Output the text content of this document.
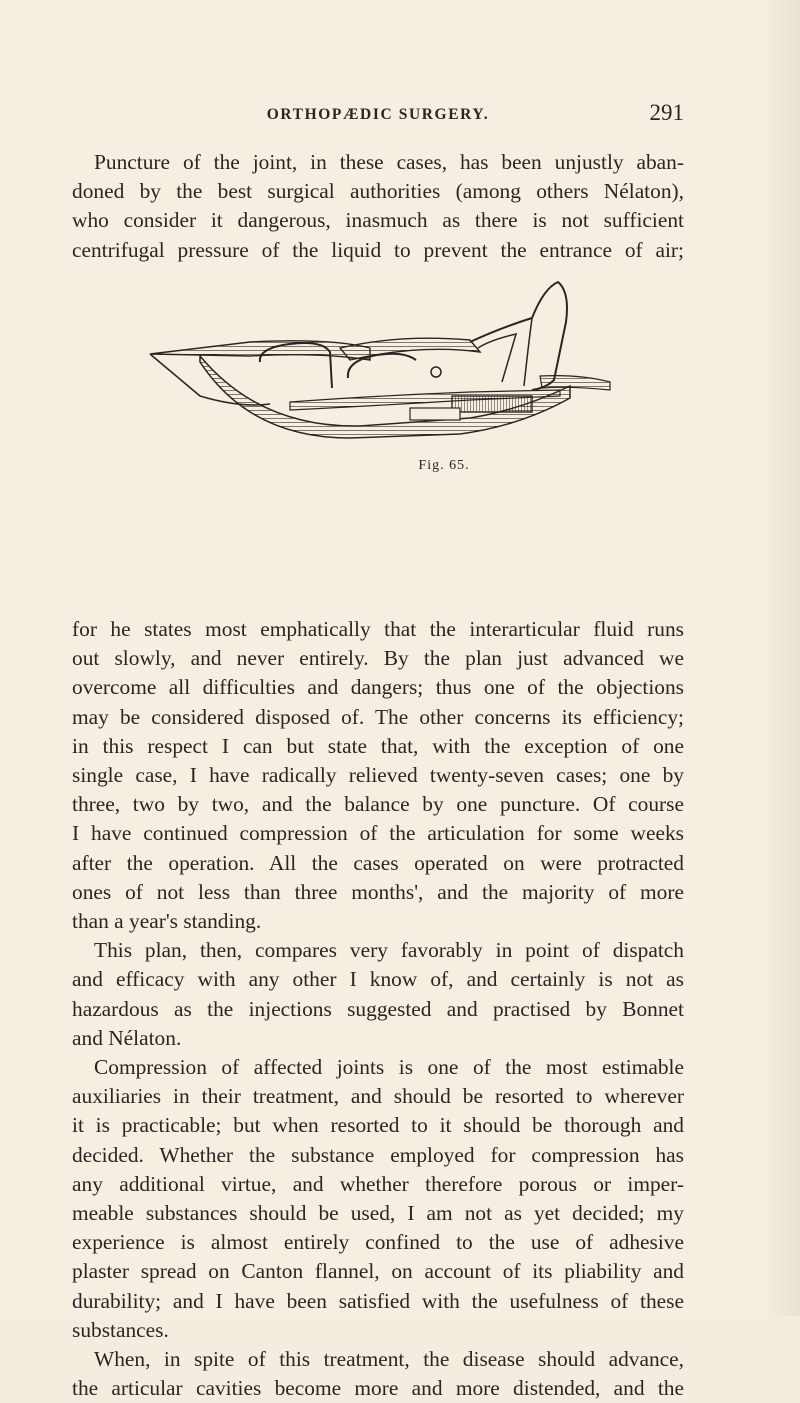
ORTHOPÆDIC SURGERY.	291

Puncture of the joint, in these cases, has been unjustly aban-
doned by the best surgical authorities (among others Nélaton),
who consider it dangerous, inasmuch as there is not sufficient
centrifugal pressure of the liquid to prevent the entrance of air;

Fig. 65.

for he states most emphatically that the interarticular fluid runs
out slowly, and never entirely. By the plan just advanced we
overcome all difficulties and dangers; thus one of the objections
may be considered disposed of. The other concerns its efficiency;
in this respect I can but state that, with the exception of one
single case, I have radically relieved twenty-seven cases; one by
three, two by two, and the balance by one puncture. Of course
I have continued compression of the articulation for some weeks
after the operation. All the cases operated on were protracted
ones of not less than three months', and the majority of more
than a year's standing.

This plan, then, compares very favorably in point of dispatch
and efficacy with any other I know of, and certainly is not as
hazardous as the injections suggested and practised by Bonnet
and Nélaton.

Compression of affected joints is one of the most estimable
auxiliaries in their treatment, and should be resorted to wherever
it is practicable; but when resorted to it should be thorough and
decided. Whether the substance employed for compression has
any additional virtue, and whether therefore porous or imper-
meable substances should be used, I am not as yet decided; my
experience is almost entirely confined to the use of adhesive
plaster spread on Canton flannel, on account of its pliability and
durability; and I have been satisfied with the usefulness of these
substances.

When, in spite of this treatment, the disease should advance,
the articular cavities become more and more distended, and the
